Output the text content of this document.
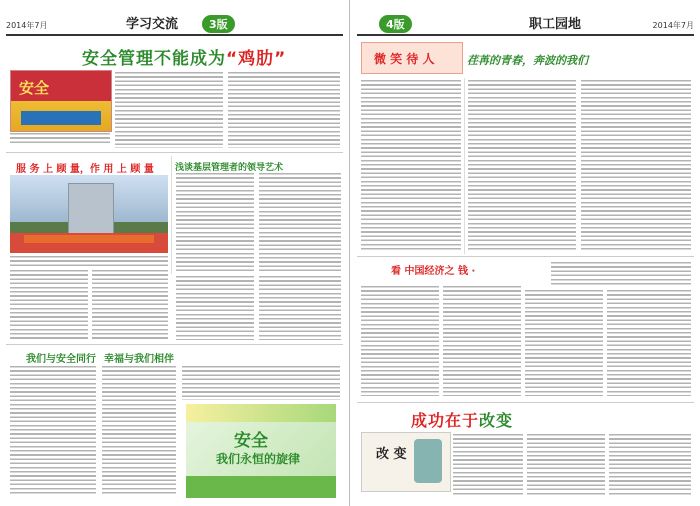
2014年7月	学习交流	3版
安全管理不能成为“鸡肋”
安全
服 务 上 顾 量，作 用 上 顾 量 浅谈基层管理者的领导艺术
我们与安全同行 幸福与我们相伴
安全
我们永恒的旋律
4版	职工园地	2014年7月
微 笑 待 人	荏苒的青春，奔波的我们
看 中国经济之 钱 ·
成功在于改变
改 变
